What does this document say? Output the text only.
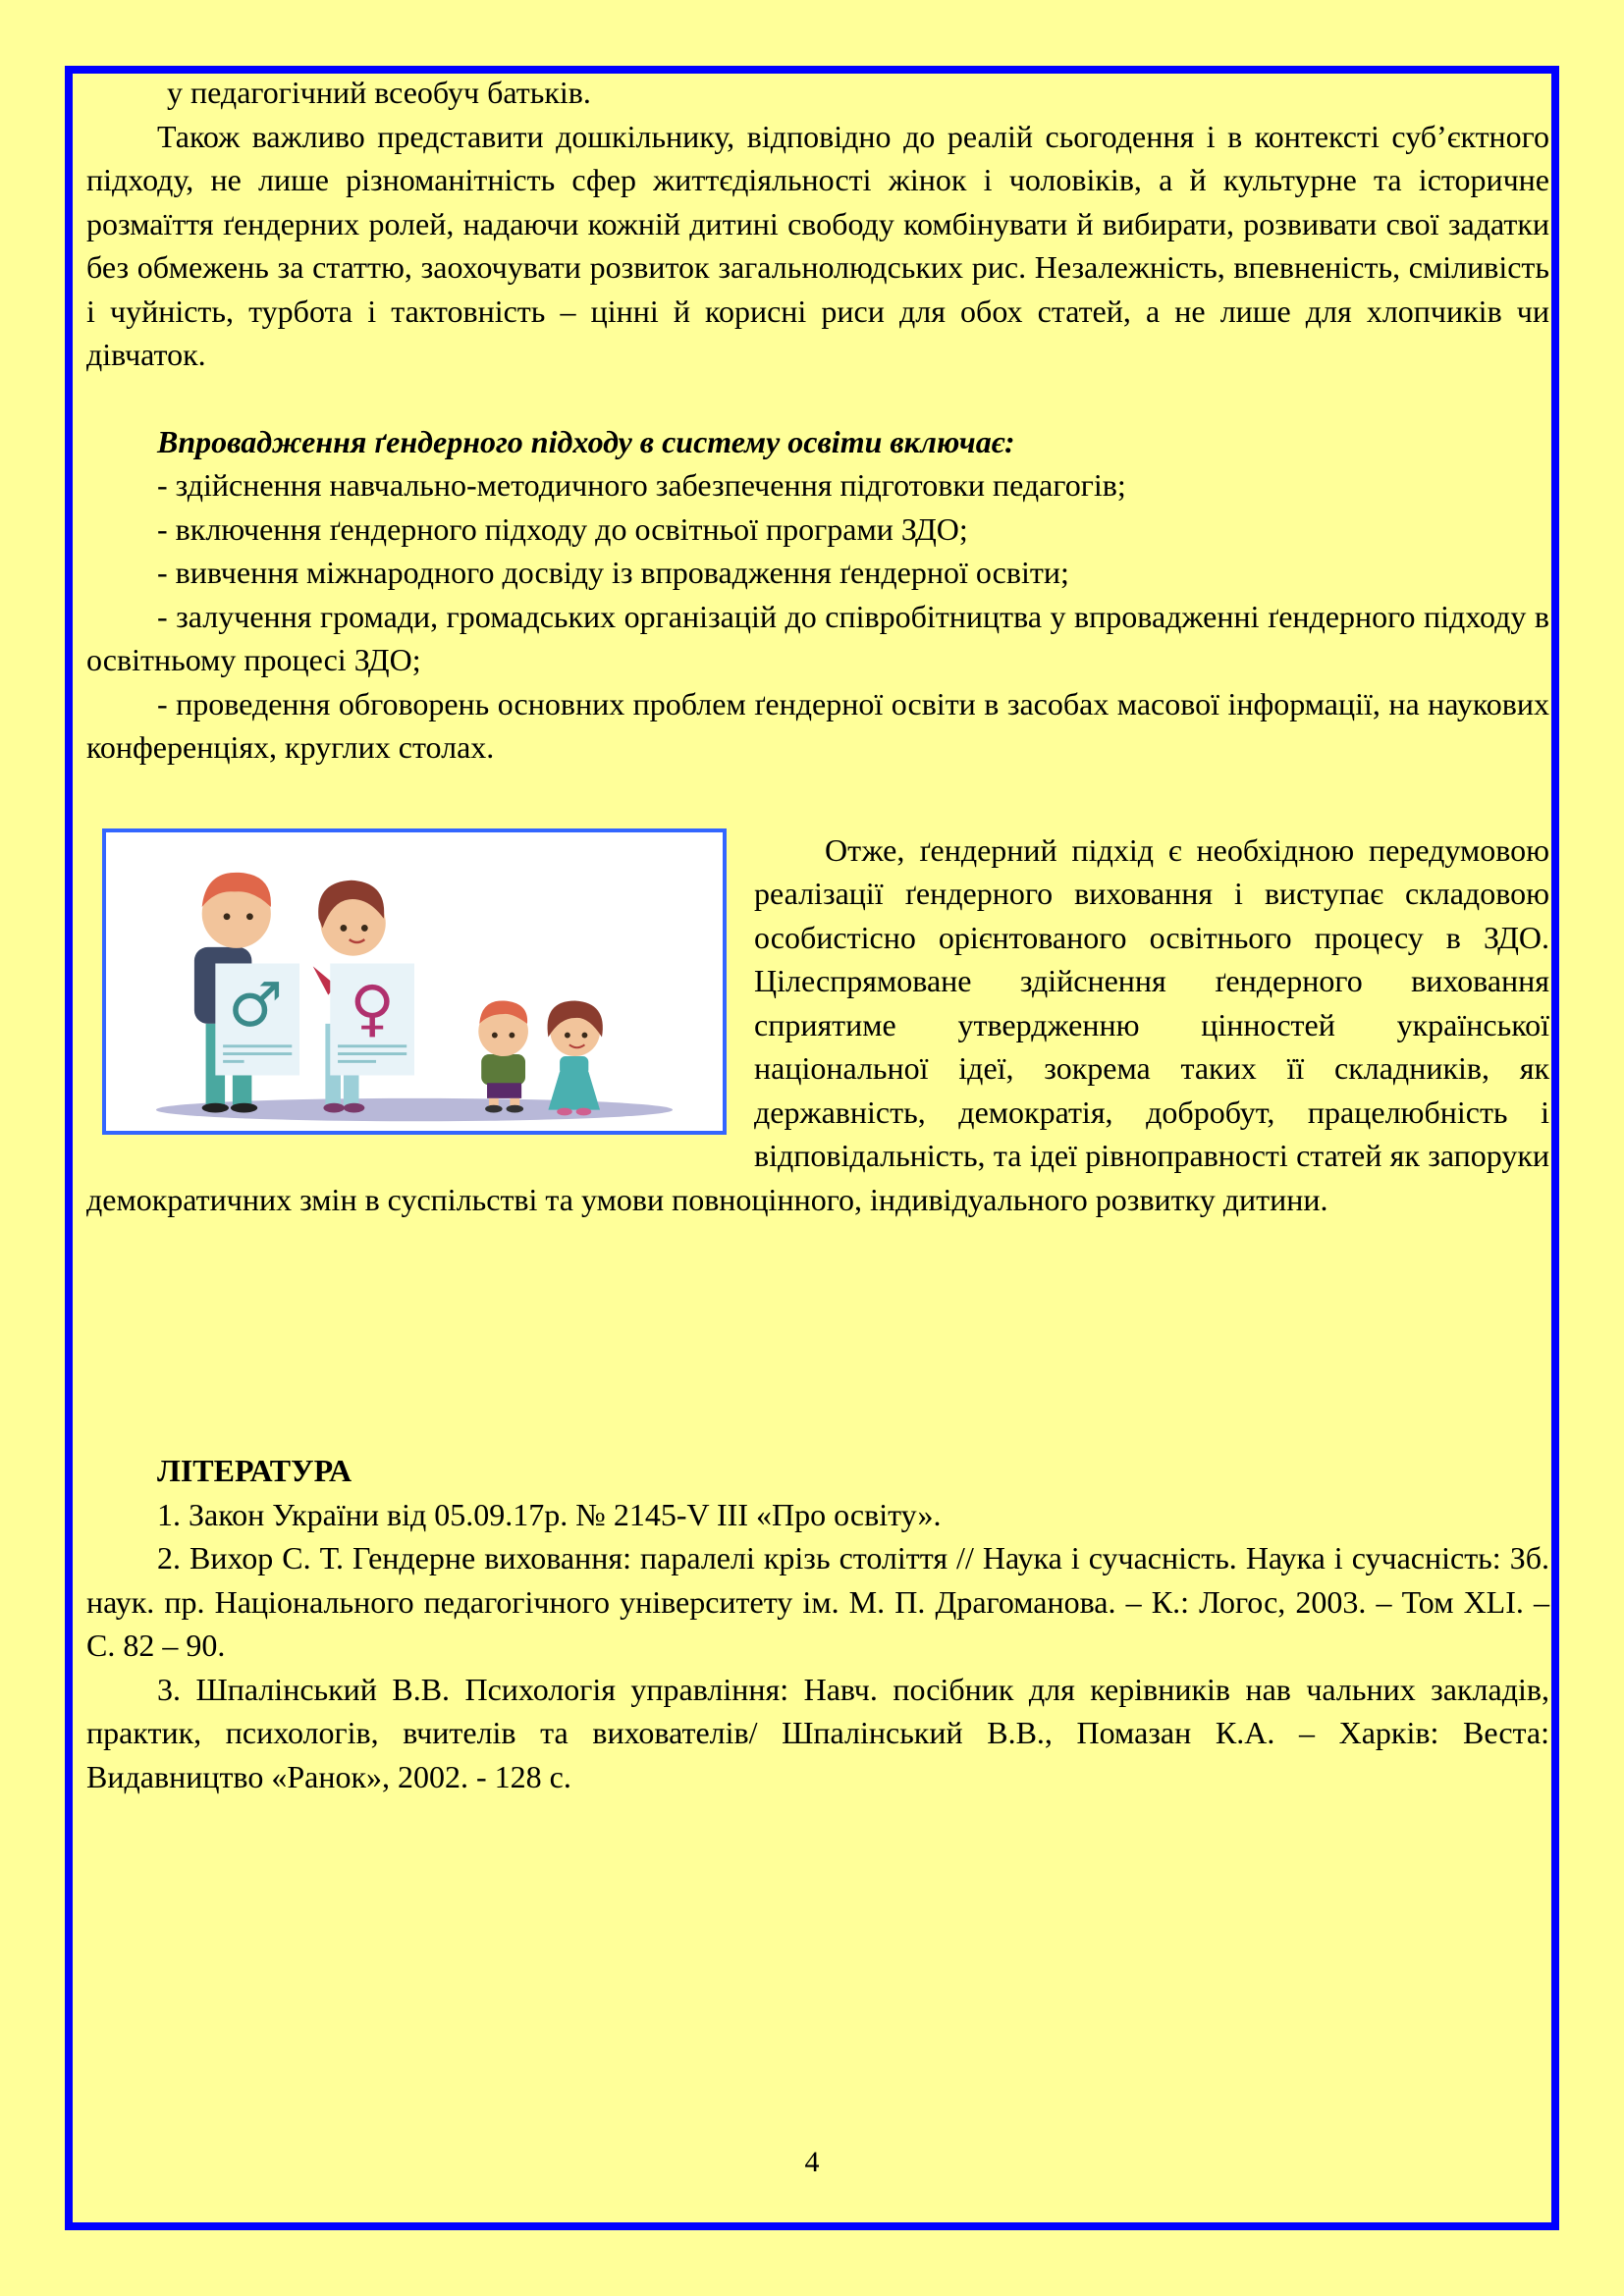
у педагогічний всеобуч батьків.

Також важливо представити дошкільнику, відповідно до реалій сьогодення і в контексті суб’єктного підходу, не лише різноманітність сфер життєдіяльності жінок і чоловіків, а й культурне та історичне розмаїття ґендерних ролей, надаючи кожній дитині свободу комбінувати й вибирати, розвивати свої задатки без обмежень за статтю, заохочувати розвиток загальнолюдських рис. Незалежність, впевненість, сміливість і чуйність, турбота і тактовність – цінні й корисні риси для обох статей, а не лише для хлопчиків чи дівчаток.

Впровадження ґендерного підходу в систему освіти включає:

- здійснення навчально-методичного забезпечення підготовки педагогів;

- включення ґендерного підходу до освітньої програми ЗДО;

- вивчення міжнародного досвіду із впровадження ґендерної освіти;

- залучення громади, громадських організацій до співробітництва у впровадженні ґендерного підходу в освітньому процесі ЗДО;

- проведення обговорень основних проблем ґендерної освіти в засобах масової інформації, на наукових конференціях, круглих столах.

♂ ♀

Отже, ґендерний підхід є необхідною передумовою реалізації ґендерного виховання і виступає складовою особистісно орієнтованого освітнього процесу в ЗДО. Цілеспрямоване здійснення ґендерного виховання сприятиме утвердженню цінностей української національної ідеї, зокрема таких її складників, як державність, демократія, добробут, працелюбність і відповідальність, та ідеї рівноправності статей як запоруки демократичних змін в суспільстві та умови повноцінного, індивідуального розвитку дитини.

ЛІТЕРАТУРА

1. Закон України від 05.09.17р. № 2145-V ІІІ «Про освіту».

2. Вихор С. Т. Гендерне виховання: паралелі крізь століття // Наука і сучасність. Наука і сучасність: Зб. наук. пр. Національного педагогічного університету ім. М. П. Драгоманова. – К.: Логос, 2003. – Том XLI. – С. 82 – 90.

3. Шпалінський В.В. Психологія управління: Навч. посібник для керівників нав чальних закладів, практик, психологів, вчителів та вихователів/ Шпалінський В.В., Помазан К.А. – Харків: Веста: Видавництво «Ранок», 2002. - 128 с.

4
